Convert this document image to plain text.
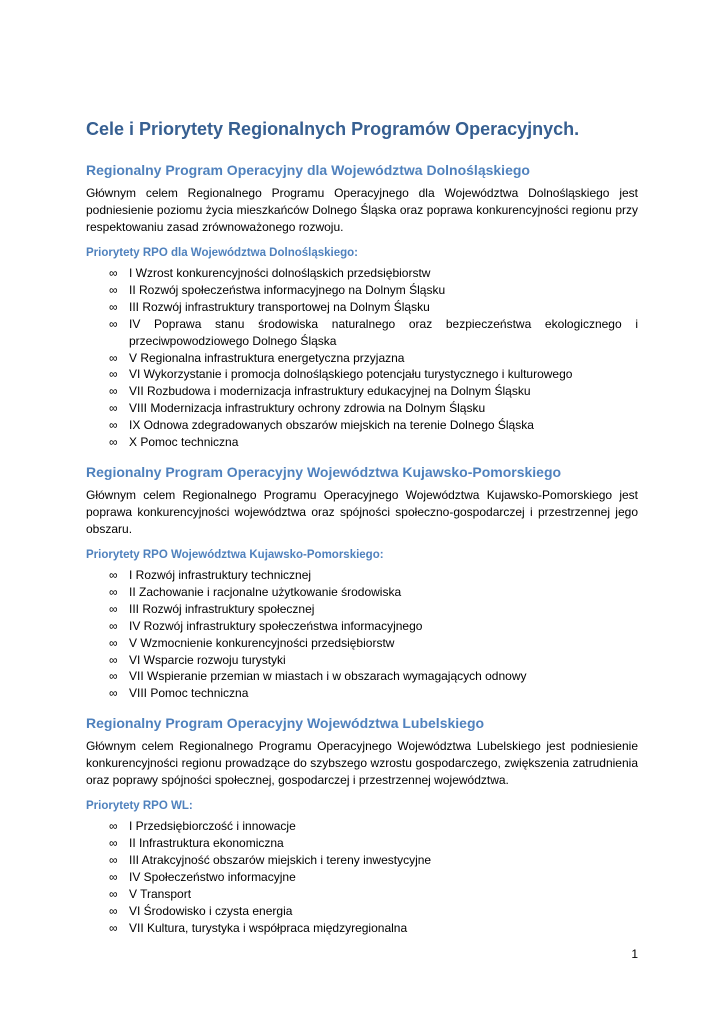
Cele i Priorytety Regionalnych Programów Operacyjnych.
Regionalny Program Operacyjny dla Województwa Dolnośląskiego

Głównym celem Regionalnego Programu Operacyjnego dla Województwa Dolnośląskiego jest podniesienie poziomu życia mieszkańców Dolnego Śląska oraz poprawa konkurencyjności regionu przy respektowaniu zasad zrównoważonego rozwoju.

Priorytety RPO dla Województwa Dolnośląskiego:
∞ I Wzrost konkurencyjności dolnośląskich przedsiębiorstw
∞ II Rozwój społeczeństwa informacyjnego na Dolnym Śląsku
∞ III Rozwój infrastruktury transportowej na Dolnym Śląsku
∞ IV Poprawa stanu środowiska naturalnego oraz bezpieczeństwa ekologicznego i przeciwpowodziowego Dolnego Śląska
∞ V Regionalna infrastruktura energetyczna przyjazna
∞ VI Wykorzystanie i promocja dolnośląskiego potencjału turystycznego i kulturowego
∞ VII Rozbudowa i modernizacja infrastruktury edukacyjnej na Dolnym Śląsku
∞ VIII Modernizacja infrastruktury ochrony zdrowia na Dolnym Śląsku
∞ IX Odnowa zdegradowanych obszarów miejskich na terenie Dolnego Śląska
∞ X Pomoc techniczna
Regionalny Program Operacyjny Województwa Kujawsko-Pomorskiego

Głównym celem Regionalnego Programu Operacyjnego Województwa Kujawsko-Pomorskiego jest poprawa konkurencyjności województwa oraz spójności społeczno-gospodarczej i przestrzennej jego obszaru.

Priorytety RPO Województwa Kujawsko-Pomorskiego:
∞ I Rozwój infrastruktury technicznej
∞ II Zachowanie i racjonalne użytkowanie środowiska
∞ III Rozwój infrastruktury społecznej
∞ IV Rozwój infrastruktury społeczeństwa informacyjnego
∞ V Wzmocnienie konkurencyjności przedsiębiorstw
∞ VI Wsparcie rozwoju turystyki
∞ VII Wspieranie przemian w miastach i w obszarach wymagających odnowy
∞ VIII Pomoc techniczna
Regionalny Program Operacyjny Województwa Lubelskiego

Głównym celem Regionalnego Programu Operacyjnego Województwa Lubelskiego jest podniesienie konkurencyjności regionu prowadzące do szybszego wzrostu gospodarczego, zwiększenia zatrudnienia oraz poprawy spójności społecznej, gospodarczej i przestrzennej województwa.

Priorytety RPO WL:
∞ I Przedsiębiorczość i innowacje
∞ II Infrastruktura ekonomiczna
∞ III Atrakcyjność obszarów miejskich i tereny inwestycyjne
∞ IV Społeczeństwo informacyjne
∞ V Transport
∞ VI Środowisko i czysta energia
∞ VII Kultura, turystyka i współpraca międzyregionalna
1
